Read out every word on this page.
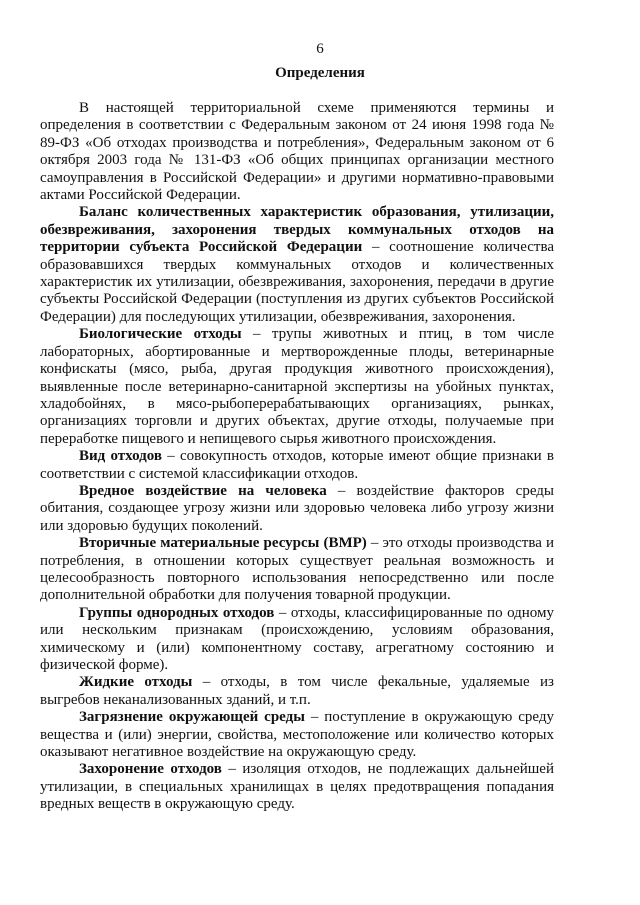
6
Определения

В настоящей территориальной схеме применяются термины и определения в соответствии с Федеральным законом от 24 июня 1998 года № 89-ФЗ «Об отходах производства и потребления», Федеральным законом от 6 октября 2003 года № 131-ФЗ «Об общих принципах организации местного самоуправления в Российской Федерации» и другими нормативно-правовыми актами Российской Федерации.

Баланс количественных характеристик образования, утилизации, обезвреживания, захоронения твердых коммунальных отходов на территории субъекта Российской Федерации – соотношение количества образовавшихся твердых коммунальных отходов и количественных характеристик их утилизации, обезвреживания, захоронения, передачи в другие субъекты Российской Федерации (поступления из других субъектов Российской Федерации) для последующих утилизации, обезвреживания, захоронения.

Биологические отходы – трупы животных и птиц, в том числе лабораторных, абортированные и мертворожденные плоды, ветеринарные конфискаты (мясо, рыба, другая продукция животного происхождения), выявленные после ветеринарно-санитарной экспертизы на убойных пунктах, хладобойнях, в мясо-рыбоперерабатывающих организациях, рынках, организациях торговли и других объектах, другие отходы, получаемые при переработке пищевого и непищевого сырья животного происхождения.

Вид отходов – совокупность отходов, которые имеют общие признаки в соответствии с системой классификации отходов.

Вредное воздействие на человека – воздействие факторов среды обитания, создающее угрозу жизни или здоровью человека либо угрозу жизни или здоровью будущих поколений.

Вторичные материальные ресурсы (ВМР) – это отходы производства и потребления, в отношении которых существует реальная возможность и целесообразность повторного использования непосредственно или после дополнительной обработки для получения товарной продукции.

Группы однородных отходов – отходы, классифицированные по одному или нескольким признакам (происхождению, условиям образования, химическому и (или) компонентному составу, агрегатному состоянию и физической форме).

Жидкие отходы – отходы, в том числе фекальные, удаляемые из выгребов неканализованных зданий, и т.п.

Загрязнение окружающей среды – поступление в окружающую среду вещества и (или) энергии, свойства, местоположение или количество которых оказывают негативное воздействие на окружающую среду.

Захоронение отходов – изоляция отходов, не подлежащих дальнейшей утилизации, в специальных хранилищах в целях предотвращения попадания вредных веществ в окружающую среду.
